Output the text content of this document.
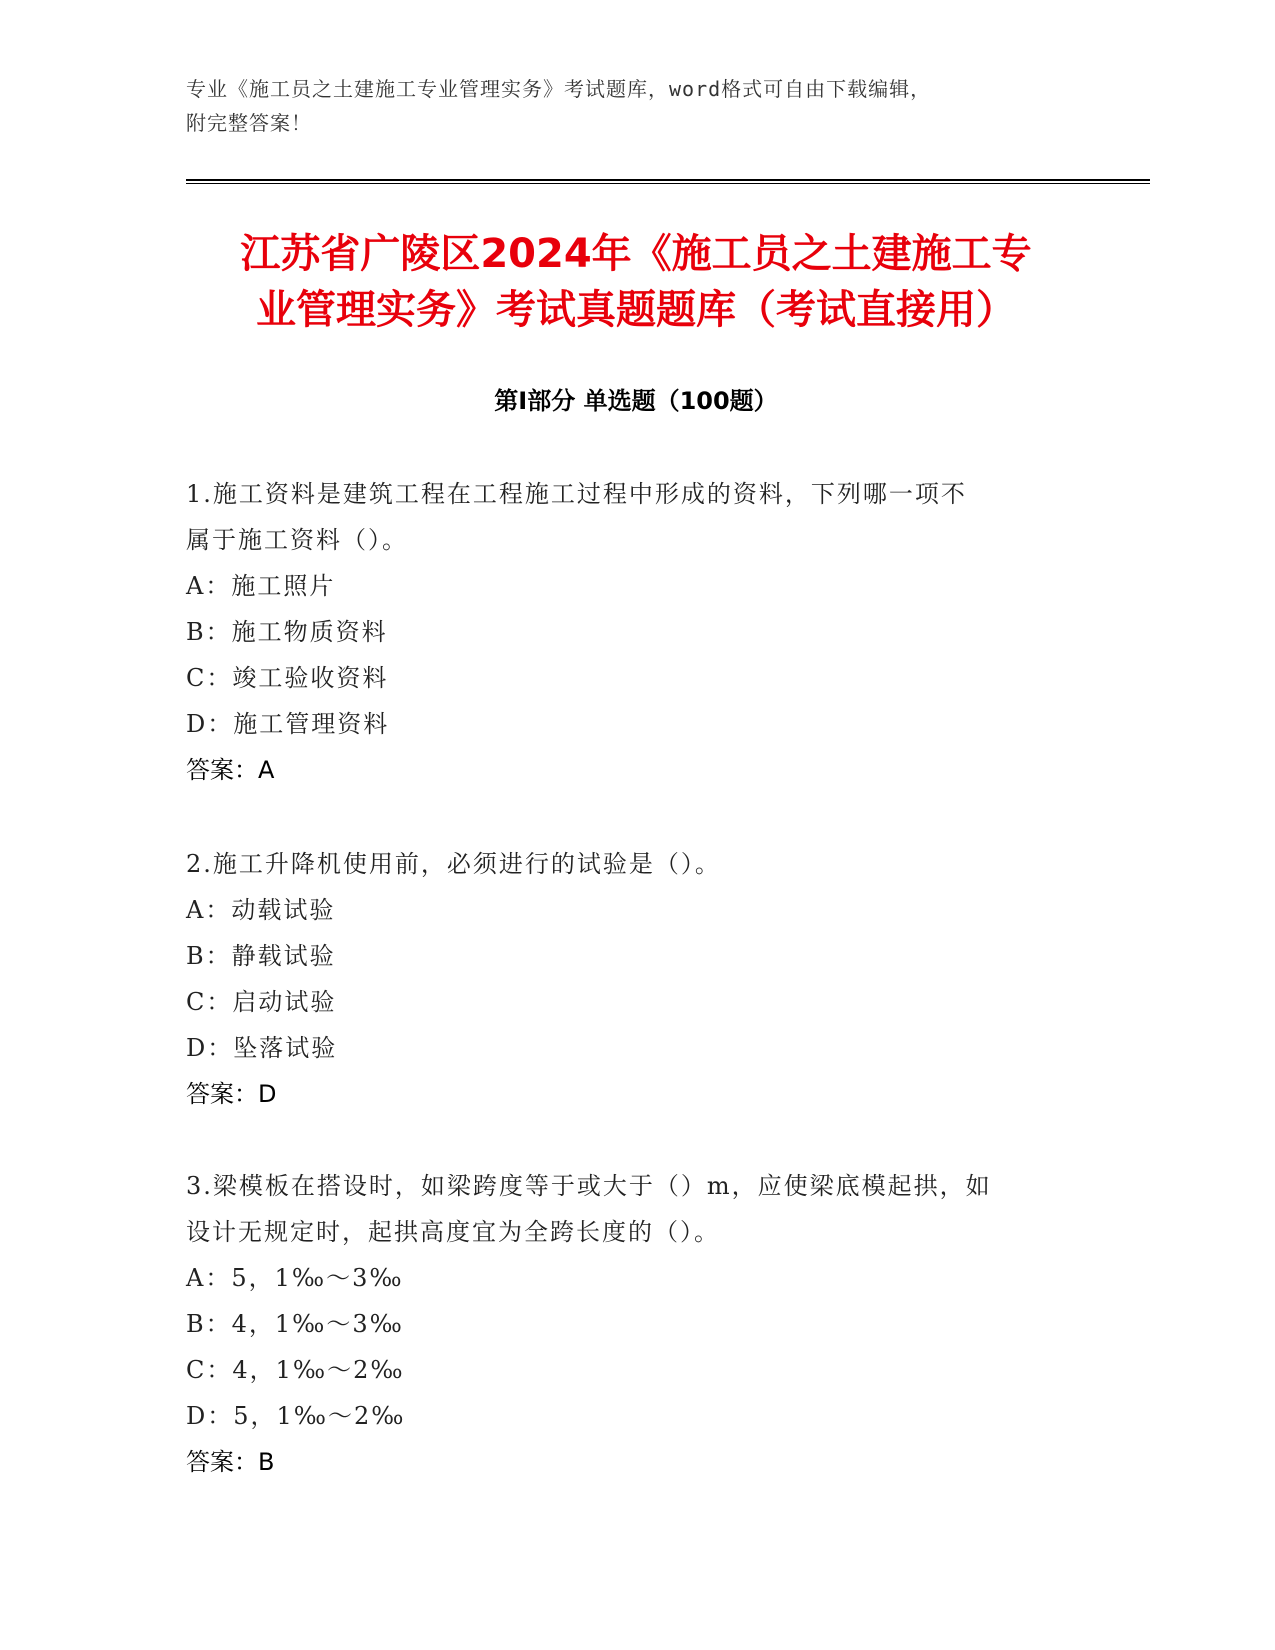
专业《施工员之土建施工专业管理实务》考试题库，word格式可自由下载编辑，
附完整答案！
江苏省广陵区2024年《施工员之土建施工专
业管理实务》考试真题题库（考试直接用）
第Ⅰ部分 单选题（100题）
1.施工资料是建筑工程在工程施工过程中形成的资料，下列哪一项不
属于施工资料（）。
A：施工照片
B：施工物质资料
C：竣工验收资料
D：施工管理资料
答案：A
2.施工升降机使用前，必须进行的试验是（）。
A：动载试验
B：静载试验
C：启动试验
D：坠落试验
答案：D
3.梁模板在搭设时，如梁跨度等于或大于（）m，应使梁底模起拱，如
设计无规定时，起拱高度宜为全跨长度的（）。
A：5，1‰～3‰
B：4，1‰～3‰
C：4，1‰～2‰
D：5，1‰～2‰
答案：B
